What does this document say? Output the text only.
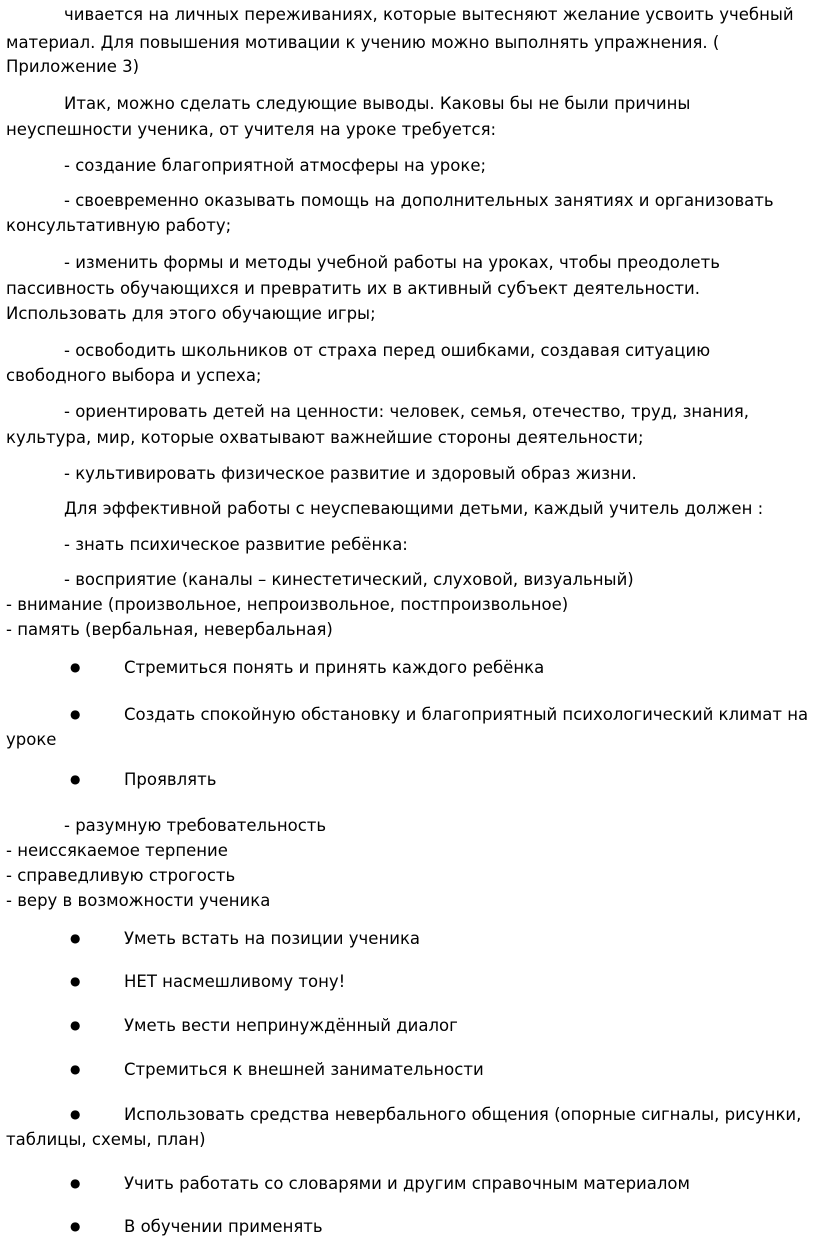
чивается на личных переживаниях, которые вытесняют желание усвоить учебный

материал. Для повышения мотивации к учению можно выполнять упражнения. (

Приложение 3)

Итак, можно сделать следующие выводы. Каковы бы не были причины

неуспешности ученика, от учителя на уроке требуется:

- создание благоприятной атмосферы на уроке;

- своевременно оказывать помощь на дополнительных занятиях и организовать

консультативную работу;

- изменить формы и методы учебной работы на уроках, чтобы преодолеть

пассивность обучающихся и превратить их в активный субъект деятельности.

Использовать для этого обучающие игры;

- освободить школьников от страха перед ошибками, создавая ситуацию

свободного выбора и успеха;

- ориентировать детей на ценности: человек, семья, отечество, труд, знания,

культура, мир, которые охватывают важнейшие стороны деятельности;

- культивировать физическое развитие и здоровый образ жизни.

Для эффективной работы с неуспевающими детьми, каждый учитель должен :

- знать психическое развитие ребёнка:

- восприятие (каналы – кинестетический, слуховой, визуальный)

- внимание (произвольное, непроизвольное, постпроизвольное)

- память (вербальная, невербальная)

●	Стремиться понять и принять каждого ребёнка
●	Создать спокойную обстановку и благоприятный психологический климат на

уроке

●	Проявлять

- разумную требовательность

- неиссякаемое терпение

- справедливую строгость

- веру в возможности ученика

●	Уметь встать на позиции ученика
●	НЕТ насмешливому тону!
●	Уметь вести непринуждённый диалог
●	Стремиться к внешней занимательности
●	Использовать средства невербального общения (опорные сигналы, рисунки,

таблицы, схемы, план)

●	Учить работать со словарями и другим справочным материалом
●	В обучении применять
